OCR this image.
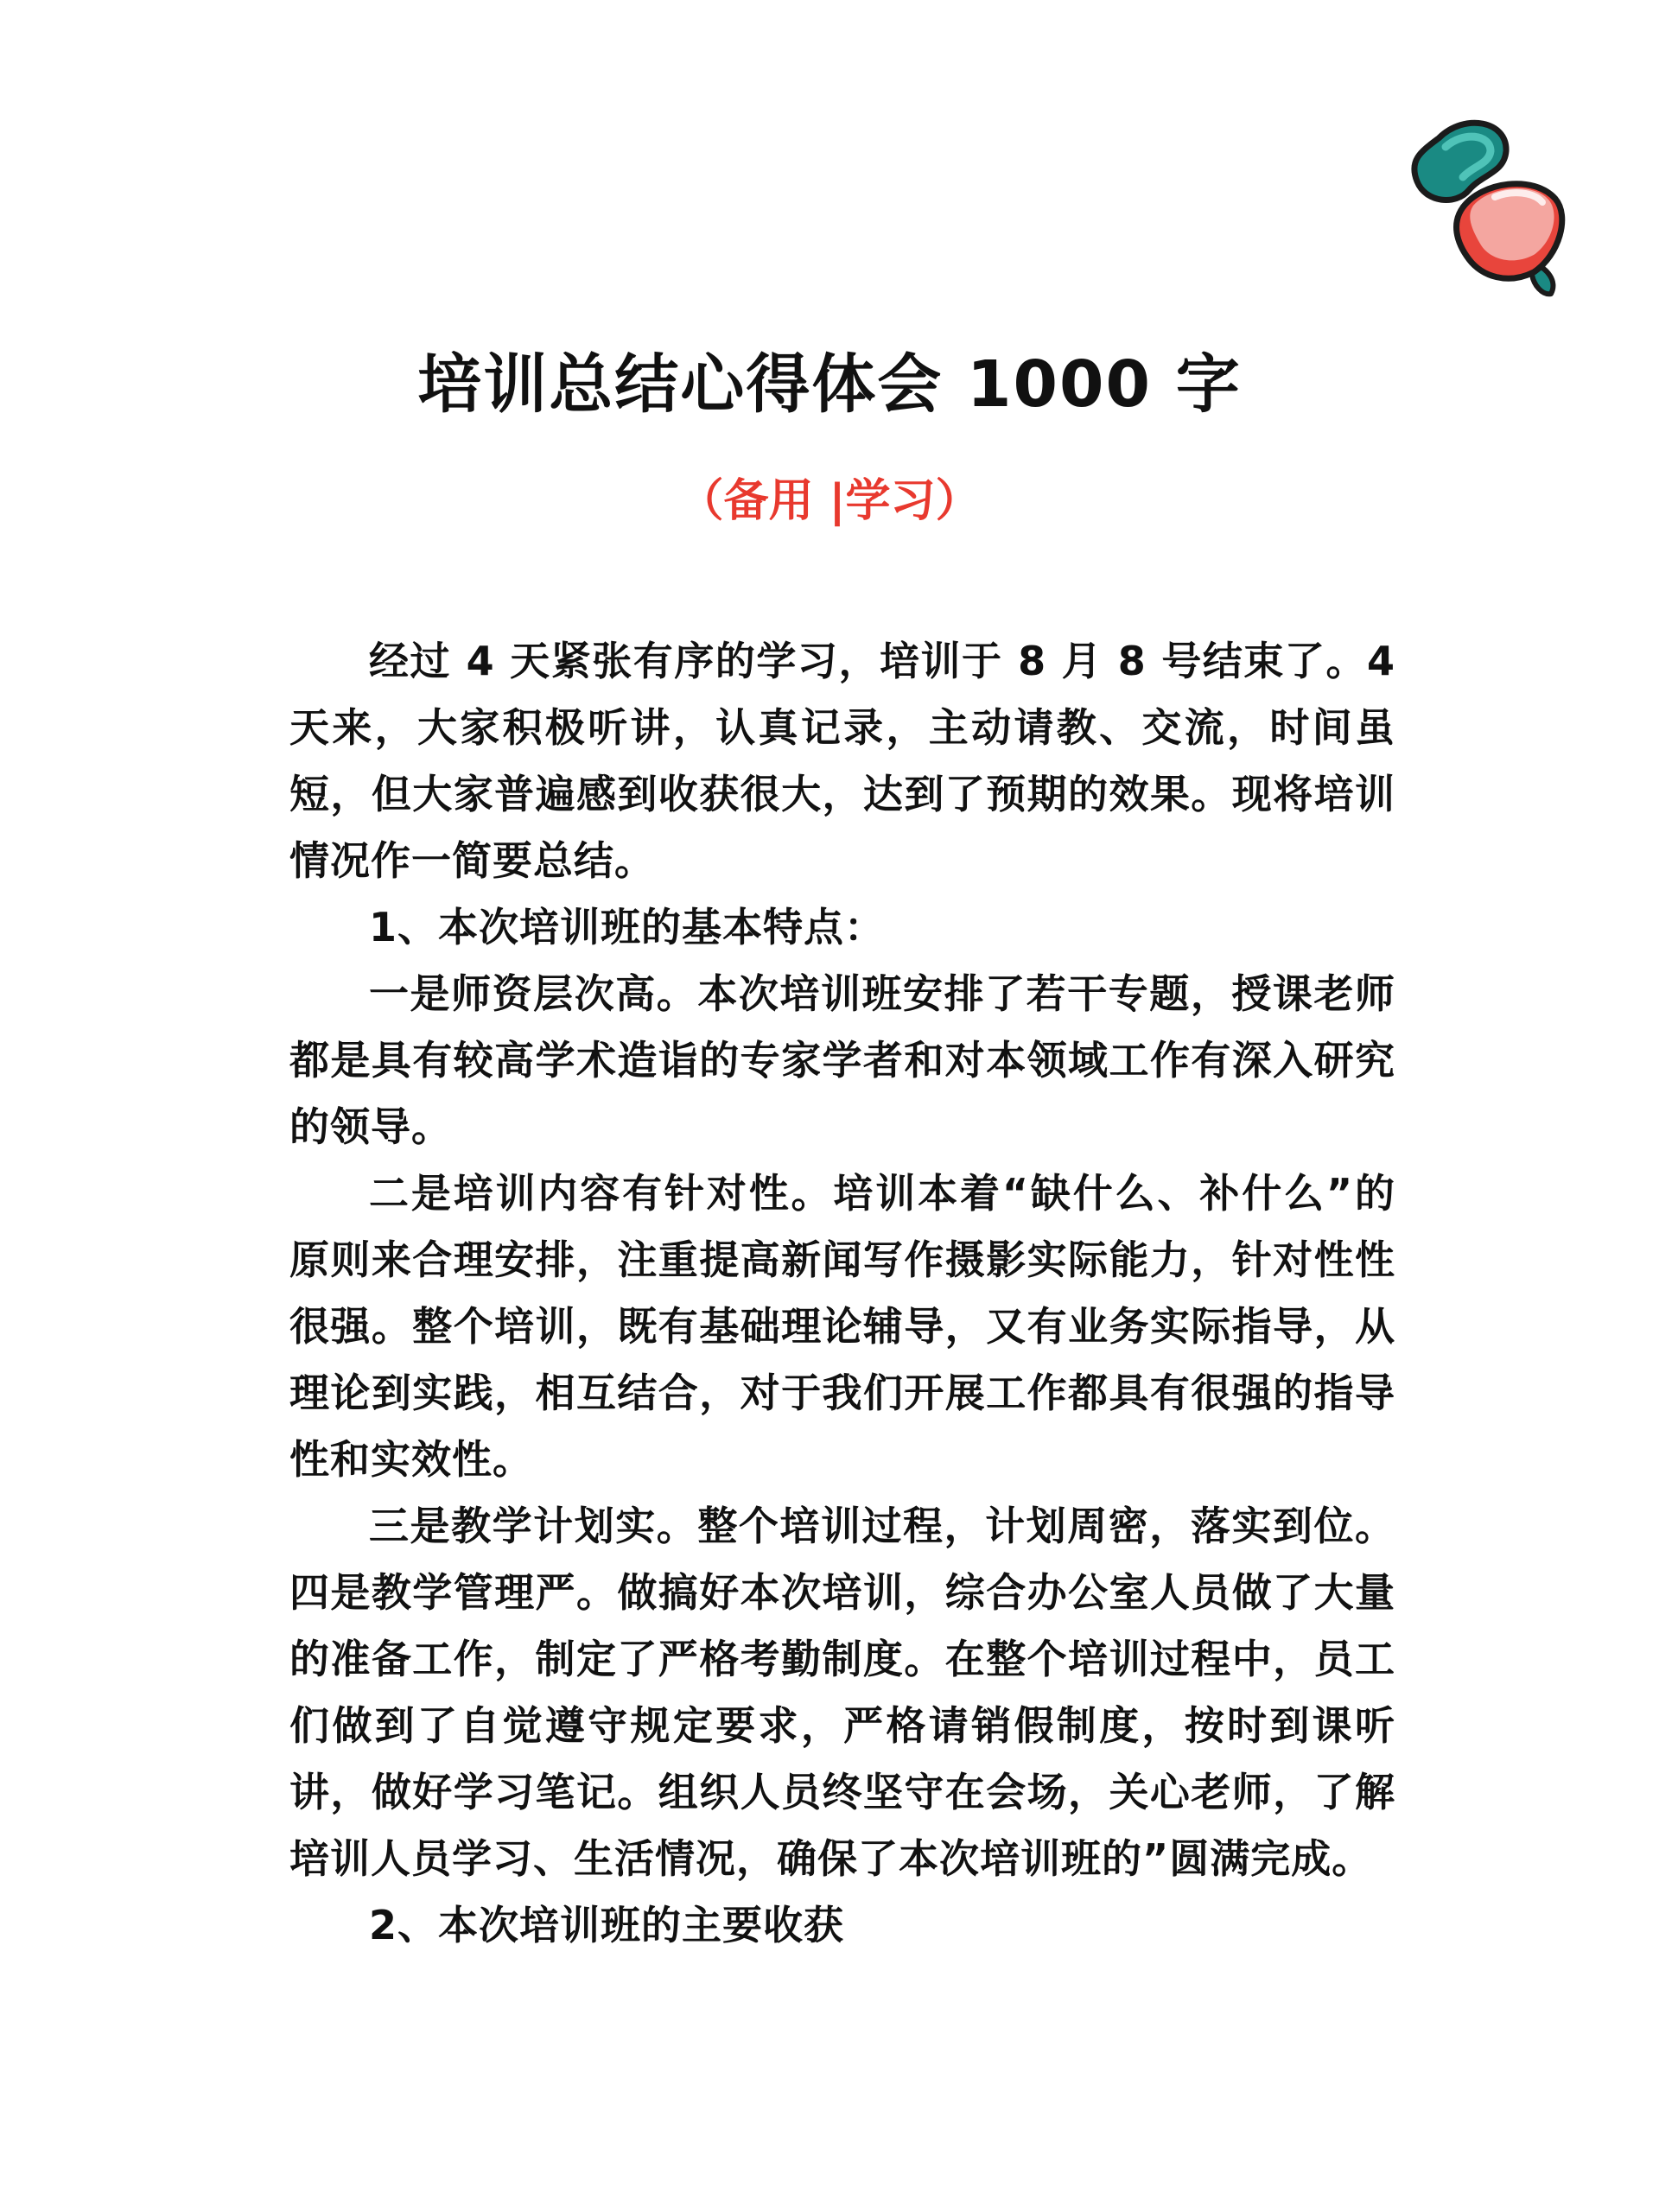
培训总结心得体会 1000 字
（备用 |学习）

经过 4 天紧张有序的学习，培训于 8 月 8 号结束了。4 天来，大家积极听讲，认真记录，主动请教、交流，时间虽短，但大家普遍感到收获很大，达到了预期的效果。现将培训情况作一简要总结。

1、本次培训班的基本特点：

一是师资层次高。本次培训班安排了若干专题，授课老师都是具有较高学术造诣的专家学者和对本领域工作有深入研究的领导。

二是培训内容有针对性。培训本着“缺什么、补什么”的原则来合理安排，注重提高新闻写作摄影实际能力，针对性性很强。整个培训，既有基础理论辅导，又有业务实际指导，从理论到实践，相互结合，对于我们开展工作都具有很强的指导性和实效性。

三是教学计划实。整个培训过程，计划周密，落实到位。四是教学管理严。做搞好本次培训，综合办公室人员做了大量的准备工作，制定了严格考勤制度。在整个培训过程中，员工们做到了自觉遵守规定要求，严格请销假制度，按时到课听讲，做好学习笔记。组织人员终坚守在会场，关心老师，了解培训人员学习、生活情况，确保了本次培训班的”圆满完成。

2、本次培训班的主要收获
